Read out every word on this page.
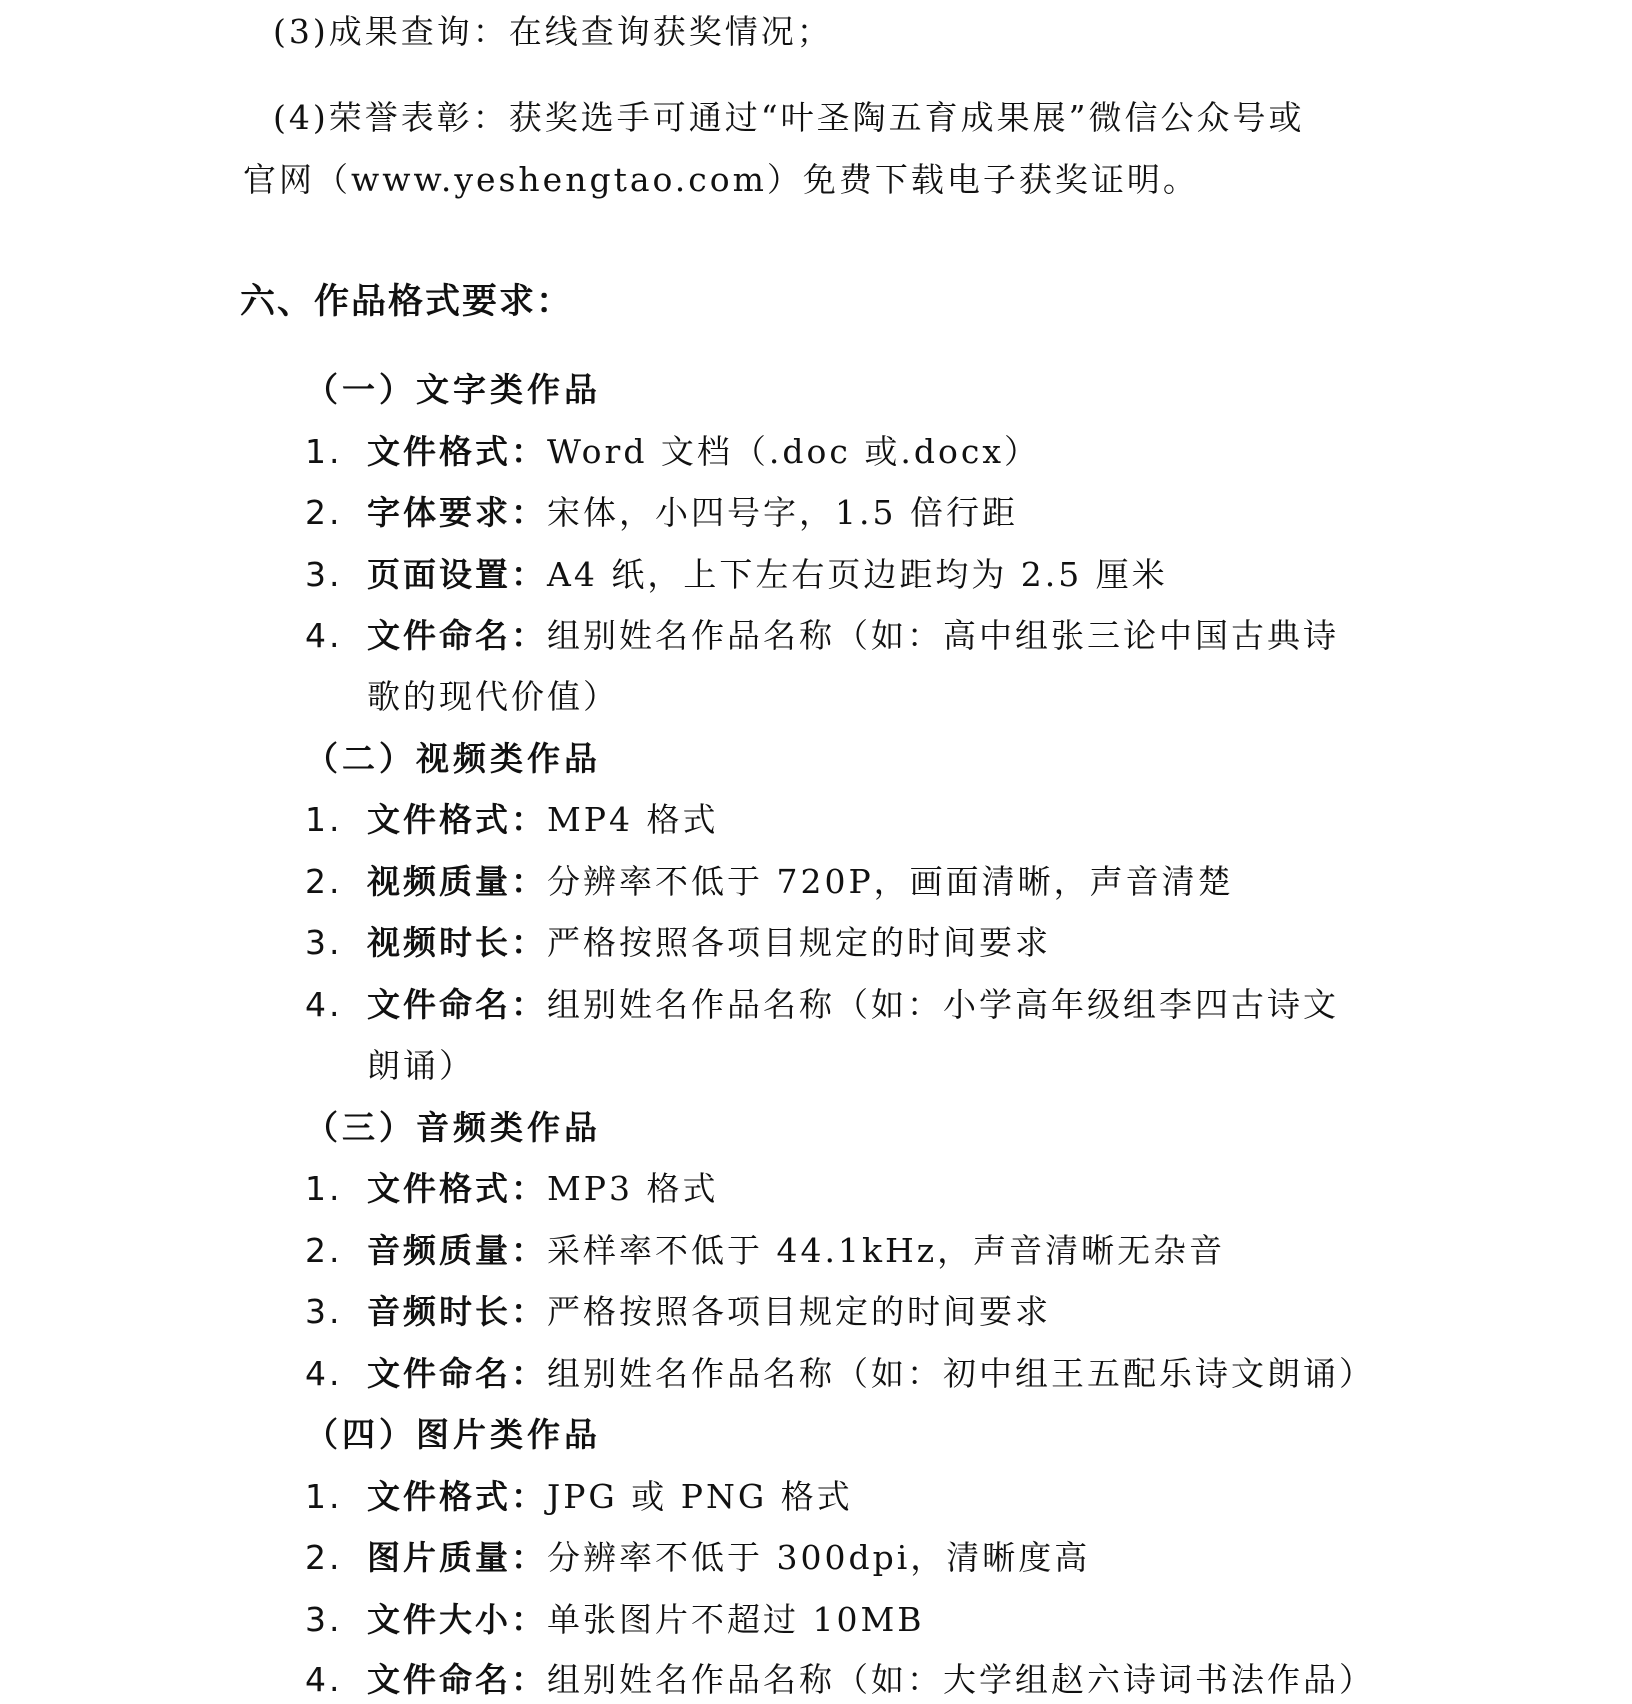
(3)成果查询：在线查询获奖情况；
(4)荣誉表彰：获奖选手可通过“叶圣陶五育成果展”微信公众号或
官网（www.yeshengtao.com）免费下载电子获奖证明。
六、作品格式要求：
（一）文字类作品
1. 文件格式： Word 文档（.doc 或.docx）
2. 字体要求： 宋体，小四号字，1.5 倍行距
3. 页面设置： A4 纸，上下左右页边距均为 2.5 厘米
4. 文件命名： 组别姓名作品名称（如：高中组张三论中国古典诗
歌的现代价值）
（二）视频类作品
1. 文件格式： MP4 格式
2. 视频质量： 分辨率不低于 720P，画面清晰，声音清楚
3. 视频时长： 严格按照各项目规定的时间要求
4. 文件命名： 组别姓名作品名称（如：小学高年级组李四古诗文
朗诵）
（三）音频类作品
1. 文件格式： MP3 格式
2. 音频质量： 采样率不低于 44.1kHz，声音清晰无杂音
3. 音频时长： 严格按照各项目规定的时间要求
4. 文件命名： 组别姓名作品名称（如：初中组王五配乐诗文朗诵）
（四）图片类作品
1. 文件格式： JPG 或 PNG 格式
2. 图片质量： 分辨率不低于 300dpi，清晰度高
3. 文件大小： 单张图片不超过 10MB
4. 文件命名： 组别姓名作品名称（如：大学组赵六诗词书法作品）
